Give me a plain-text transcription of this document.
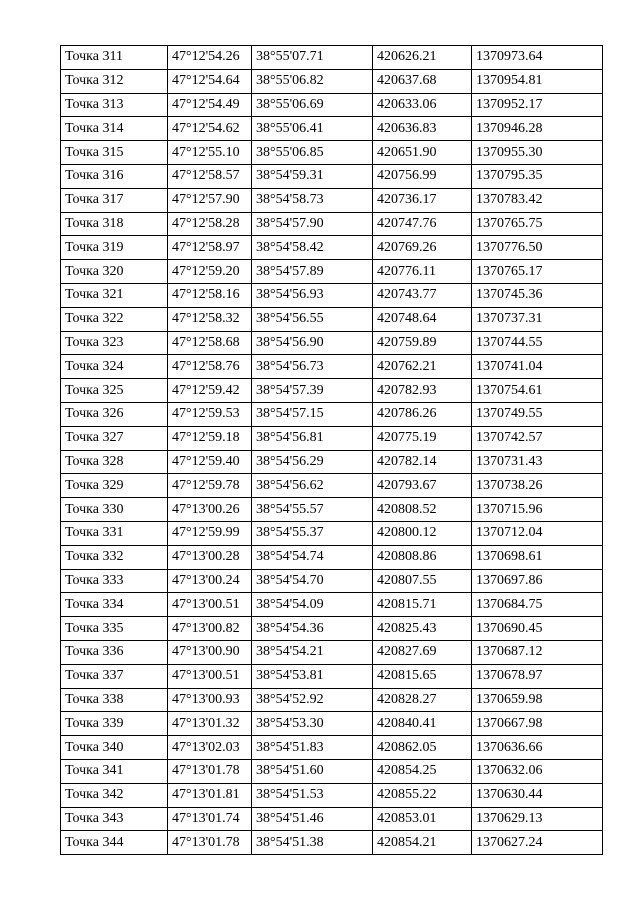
Точка 311	47°12'54.26	38°55'07.71	420626.21	1370973.64
Точка 312	47°12'54.64	38°55'06.82	420637.68	1370954.81
Точка 313	47°12'54.49	38°55'06.69	420633.06	1370952.17
Точка 314	47°12'54.62	38°55'06.41	420636.83	1370946.28
Точка 315	47°12'55.10	38°55'06.85	420651.90	1370955.30
Точка 316	47°12'58.57	38°54'59.31	420756.99	1370795.35
Точка 317	47°12'57.90	38°54'58.73	420736.17	1370783.42
Точка 318	47°12'58.28	38°54'57.90	420747.76	1370765.75
Точка 319	47°12'58.97	38°54'58.42	420769.26	1370776.50
Точка 320	47°12'59.20	38°54'57.89	420776.11	1370765.17
Точка 321	47°12'58.16	38°54'56.93	420743.77	1370745.36
Точка 322	47°12'58.32	38°54'56.55	420748.64	1370737.31
Точка 323	47°12'58.68	38°54'56.90	420759.89	1370744.55
Точка 324	47°12'58.76	38°54'56.73	420762.21	1370741.04
Точка 325	47°12'59.42	38°54'57.39	420782.93	1370754.61
Точка 326	47°12'59.53	38°54'57.15	420786.26	1370749.55
Точка 327	47°12'59.18	38°54'56.81	420775.19	1370742.57
Точка 328	47°12'59.40	38°54'56.29	420782.14	1370731.43
Точка 329	47°12'59.78	38°54'56.62	420793.67	1370738.26
Точка 330	47°13'00.26	38°54'55.57	420808.52	1370715.96
Точка 331	47°12'59.99	38°54'55.37	420800.12	1370712.04
Точка 332	47°13'00.28	38°54'54.74	420808.86	1370698.61
Точка 333	47°13'00.24	38°54'54.70	420807.55	1370697.86
Точка 334	47°13'00.51	38°54'54.09	420815.71	1370684.75
Точка 335	47°13'00.82	38°54'54.36	420825.43	1370690.45
Точка 336	47°13'00.90	38°54'54.21	420827.69	1370687.12
Точка 337	47°13'00.51	38°54'53.81	420815.65	1370678.97
Точка 338	47°13'00.93	38°54'52.92	420828.27	1370659.98
Точка 339	47°13'01.32	38°54'53.30	420840.41	1370667.98
Точка 340	47°13'02.03	38°54'51.83	420862.05	1370636.66
Точка 341	47°13'01.78	38°54'51.60	420854.25	1370632.06
Точка 342	47°13'01.81	38°54'51.53	420855.22	1370630.44
Точка 343	47°13'01.74	38°54'51.46	420853.01	1370629.13
Точка 344	47°13'01.78	38°54'51.38	420854.21	1370627.24
